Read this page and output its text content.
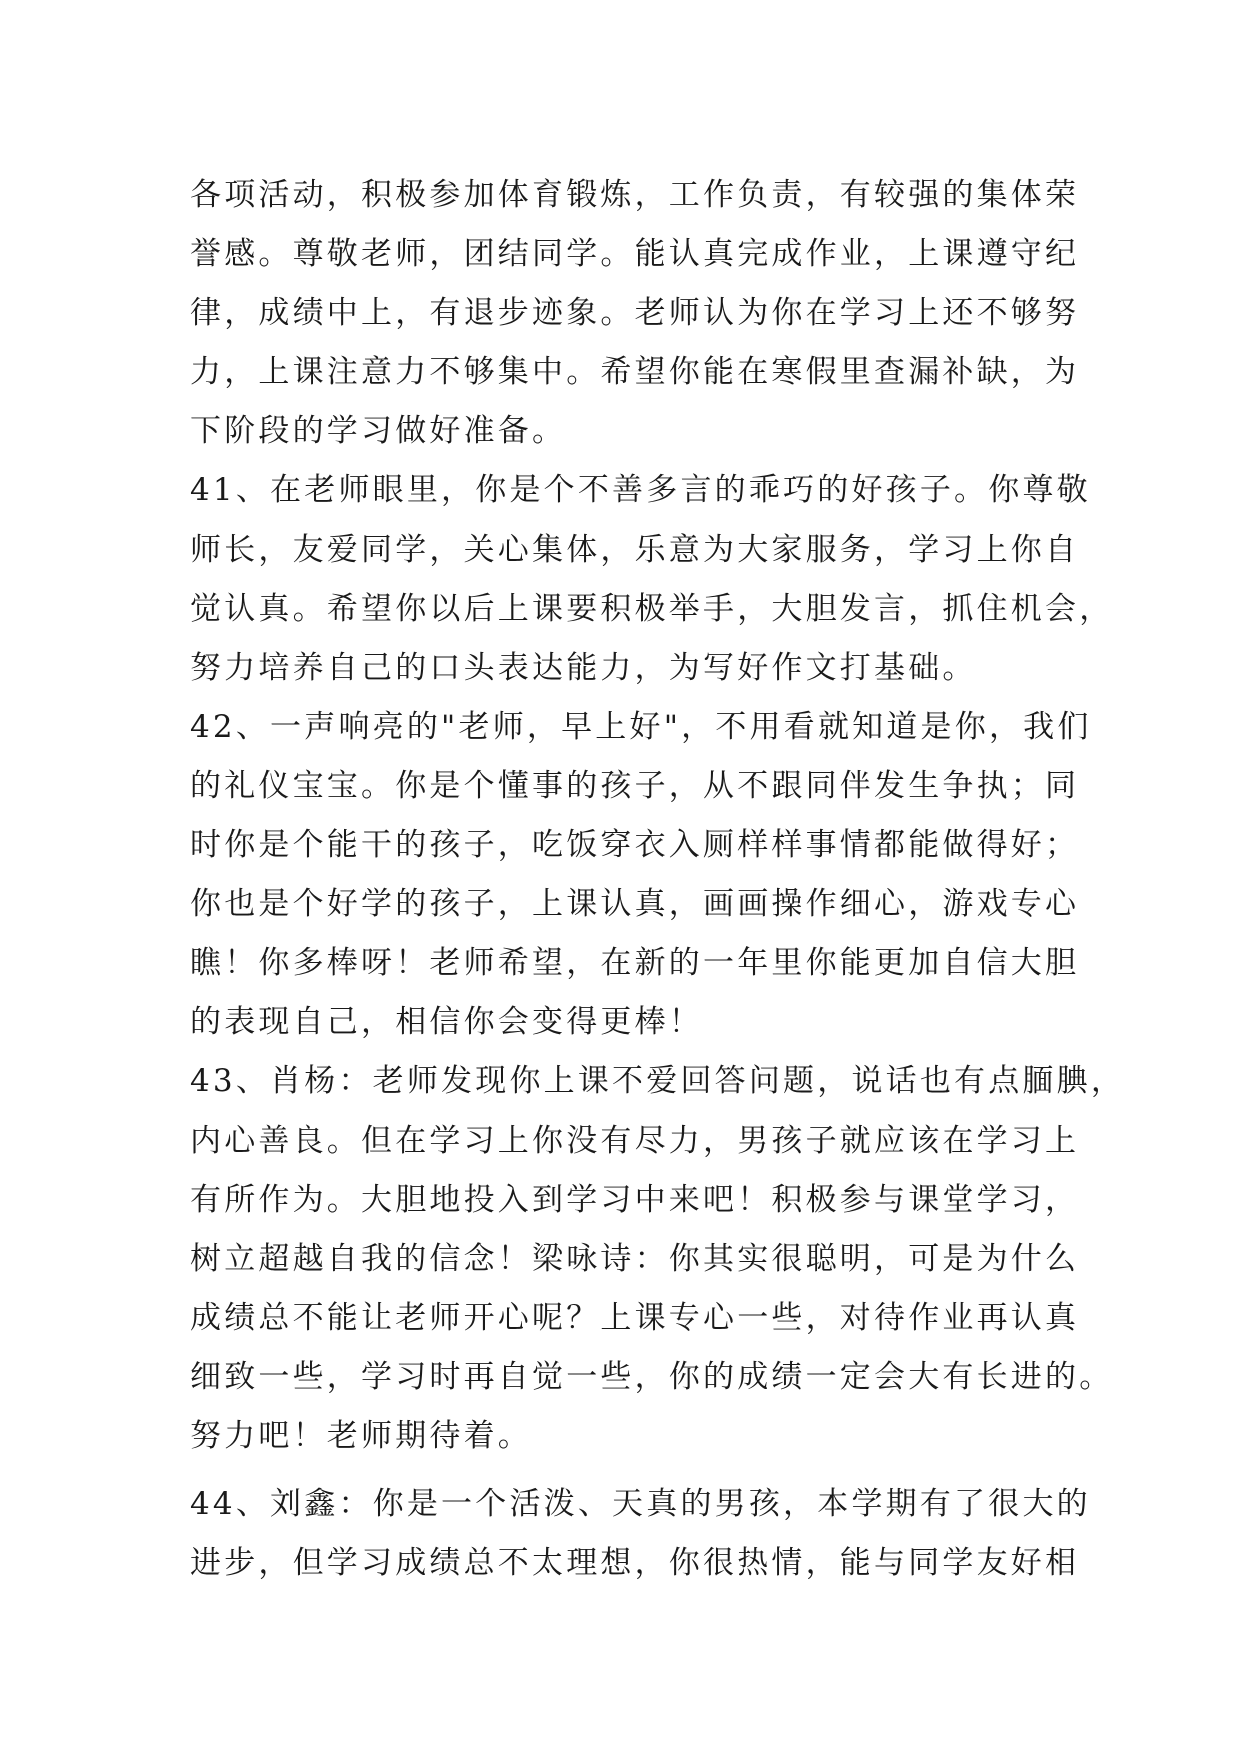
各项活动，积极参加体育锻炼，工作负责，有较强的集体荣
誉感。尊敬老师，团结同学。能认真完成作业，上课遵守纪
律，成绩中上，有退步迹象。老师认为你在学习上还不够努
力，上课注意力不够集中。希望你能在寒假里查漏补缺，为
下阶段的学习做好准备。
41、在老师眼里，你是个不善多言的乖巧的好孩子。你尊敬
师长，友爱同学，关心集体，乐意为大家服务，学习上你自
觉认真。希望你以后上课要积极举手，大胆发言，抓住机会，
努力培养自己的口头表达能力，为写好作文打基础。
42、一声响亮的"老师，早上好"，不用看就知道是你，我们
的礼仪宝宝。你是个懂事的孩子，从不跟同伴发生争执；同
时你是个能干的孩子，吃饭穿衣入厕样样事情都能做得好；
你也是个好学的孩子，上课认真，画画操作细心，游戏专心
瞧！你多棒呀！老师希望，在新的一年里你能更加自信大胆
的表现自己，相信你会变得更棒！
43、肖杨：老师发现你上课不爱回答问题，说话也有点腼腆，
内心善良。但在学习上你没有尽力，男孩子就应该在学习上
有所作为。大胆地投入到学习中来吧！积极参与课堂学习，
树立超越自我的信念！梁咏诗：你其实很聪明，可是为什么
成绩总不能让老师开心呢？上课专心一些，对待作业再认真
细致一些，学习时再自觉一些，你的成绩一定会大有长进的。
努力吧！老师期待着。
44、刘鑫：你是一个活泼、天真的男孩，本学期有了很大的
进步，但学习成绩总不太理想，你很热情，能与同学友好相
